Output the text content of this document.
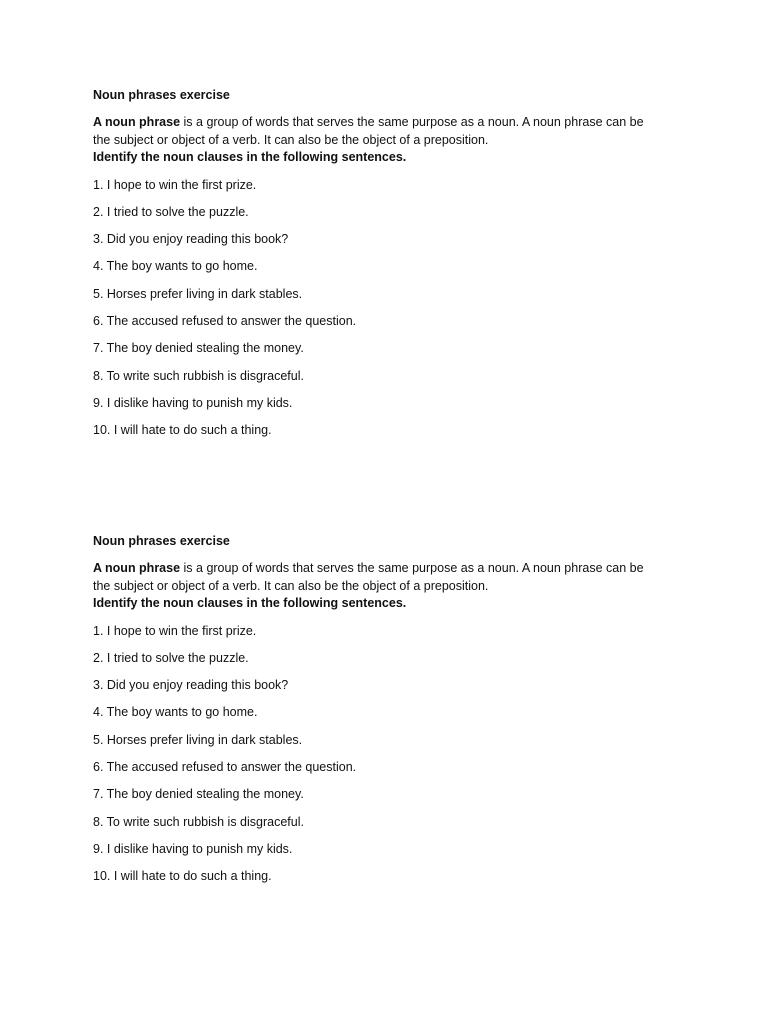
Noun phrases exercise

A noun phrase is a group of words that serves the same purpose as a noun. A noun phrase can be
the subject or object of a verb. It can also be the object of a preposition.

Identify the noun clauses in the following sentences.

1. I hope to win the first prize.
2. I tried to solve the puzzle.
3. Did you enjoy reading this book?
4. The boy wants to go home.
5. Horses prefer living in dark stables.
6. The accused refused to answer the question.
7. The boy denied stealing the money.
8. To write such rubbish is disgraceful.
9. I dislike having to punish my kids.
10. I will hate to do such a thing.

Noun phrases exercise

A noun phrase is a group of words that serves the same purpose as a noun. A noun phrase can be
the subject or object of a verb. It can also be the object of a preposition.

Identify the noun clauses in the following sentences.

1. I hope to win the first prize.
2. I tried to solve the puzzle.
3. Did you enjoy reading this book?
4. The boy wants to go home.
5. Horses prefer living in dark stables.
6. The accused refused to answer the question.
7. The boy denied stealing the money.
8. To write such rubbish is disgraceful.
9. I dislike having to punish my kids.
10. I will hate to do such a thing.
